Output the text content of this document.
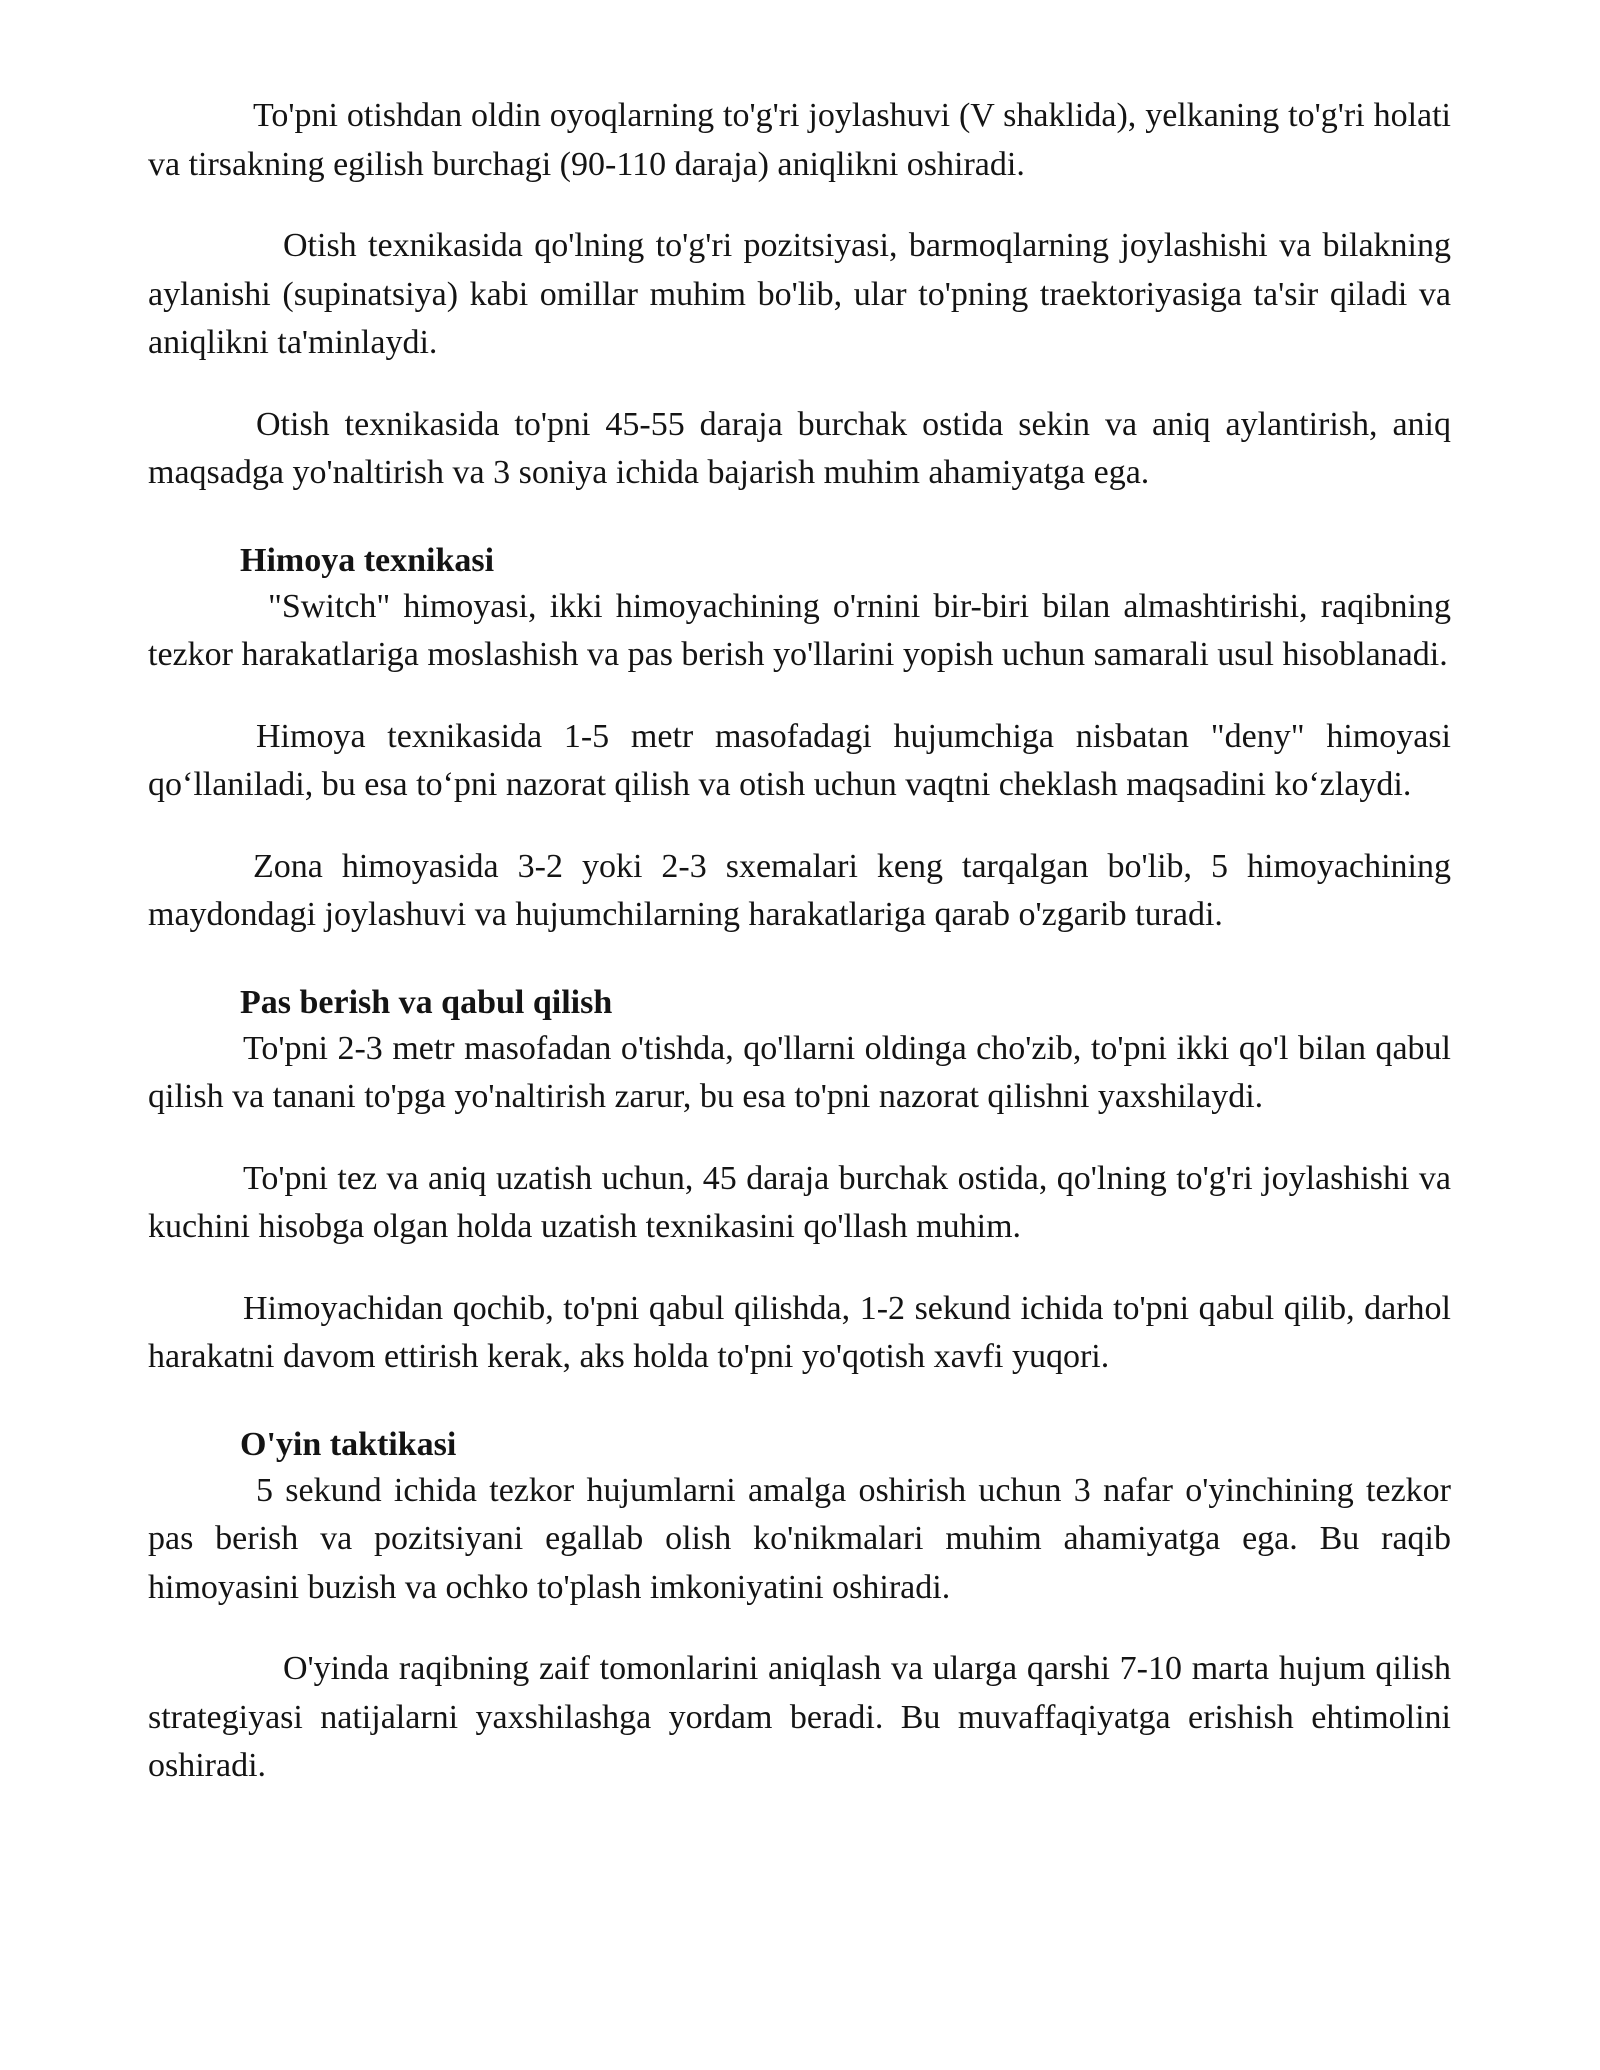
To'pni otishdan oldin oyoqlarning to'g'ri joylashuvi (V shaklida), yelkaning to'g'ri holati va tirsakning egilish burchagi (90-110 daraja) aniqlikni oshiradi.

Otish texnikasida qo'lning to'g'ri pozitsiyasi, barmoqlarning joylashishi va bilakning aylanishi (supinatsiya) kabi omillar muhim bo'lib, ular to'pning traektoriyasiga ta'sir qiladi va aniqlikni ta'minlaydi.

Otish texnikasida to'pni 45-55 daraja burchak ostida sekin va aniq aylantirish, aniq maqsadga yo'naltirish va 3 soniya ichida bajarish muhim ahamiyatga ega.

Himoya texnikasi

"Switch" himoyasi, ikki himoyachining o'rnini bir-biri bilan almashtirishi, raqibning tezkor harakatlariga moslashish va pas berish yo'llarini yopish uchun samarali usul hisoblanadi.

Himoya texnikasida 1-5 metr masofadagi hujumchiga nisbatan "deny" himoyasi qo‘llaniladi, bu esa to‘pni nazorat qilish va otish uchun vaqtni cheklash maqsadini ko‘zlaydi.

Zona himoyasida 3-2 yoki 2-3 sxemalari keng tarqalgan bo'lib, 5 himoyachining maydondagi joylashuvi va hujumchilarning harakatlariga qarab o'zgarib turadi.

Pas berish va qabul qilish

To'pni 2-3 metr masofadan o'tishda, qo'llarni oldinga cho'zib, to'pni ikki qo'l bilan qabul qilish va tanani to'pga yo'naltirish zarur, bu esa to'pni nazorat qilishni yaxshilaydi.

To'pni tez va aniq uzatish uchun, 45 daraja burchak ostida, qo'lning to'g'ri joylashishi va kuchini hisobga olgan holda uzatish texnikasini qo'llash muhim.

Himoyachidan qochib, to'pni qabul qilishda, 1-2 sekund ichida to'pni qabul qilib, darhol harakatni davom ettirish kerak, aks holda to'pni yo'qotish xavfi yuqori.

O'yin taktikasi

5 sekund ichida tezkor hujumlarni amalga oshirish uchun 3 nafar o'yinchining tezkor pas berish va pozitsiyani egallab olish ko'nikmalari muhim ahamiyatga ega. Bu raqib himoyasini buzish va ochko to'plash imkoniyatini oshiradi.

O'yinda raqibning zaif tomonlarini aniqlash va ularga qarshi 7-10 marta hujum qilish strategiyasi natijalarni yaxshilashga yordam beradi. Bu muvaffaqiyatga erishish ehtimolini oshiradi.
